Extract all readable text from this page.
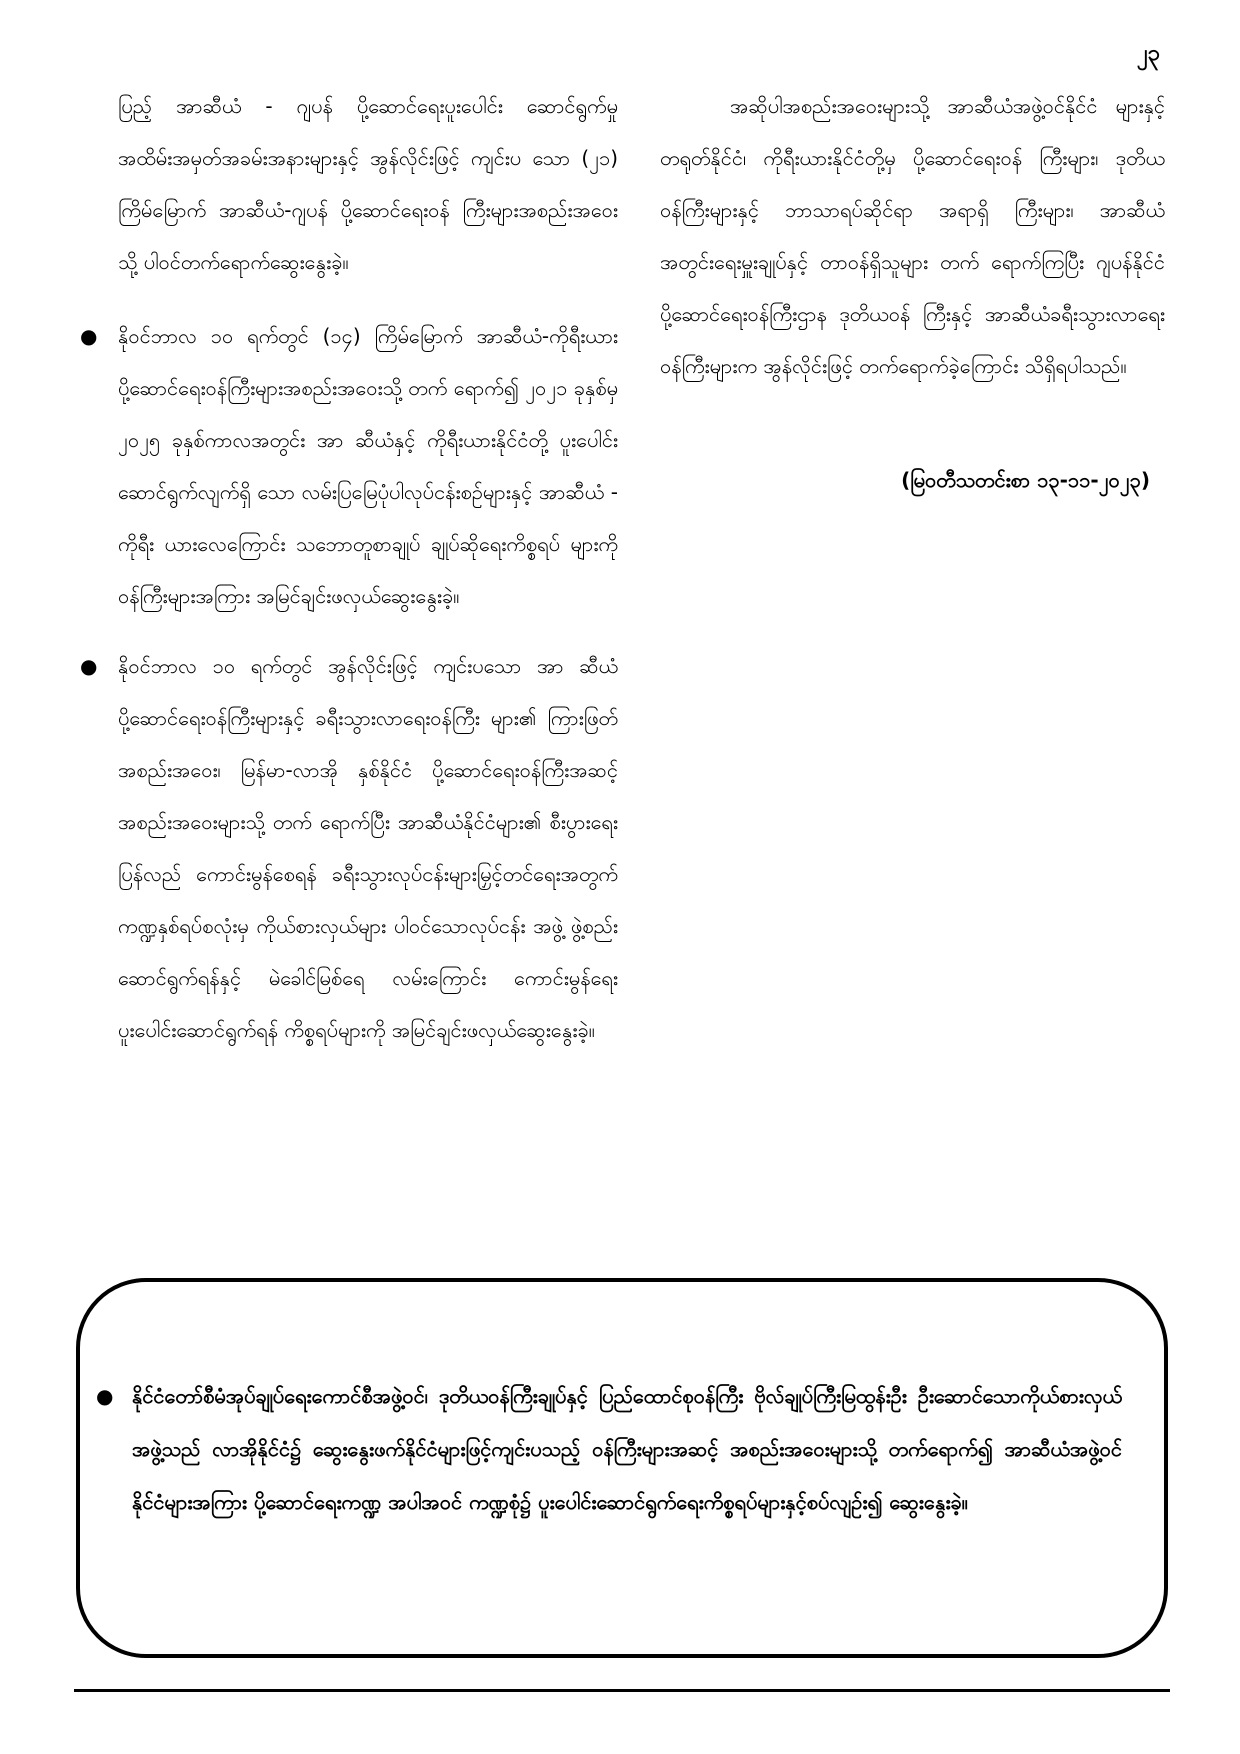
၂၃

ပြည့် အာဆီယံ - ဂျပန် ပို့ဆောင်ရေးပူးပေါင်း ဆောင်ရွက်မှု အထိမ်းအမှတ်အခမ်းအနားများနှင့် အွန်လိုင်းဖြင့် ကျင်းပ သော (၂၁) ကြိမ်မြောက် အာဆီယံ-ဂျပန် ပို့ဆောင်ရေးဝန် ကြီးများအစည်းအဝေးသို့ ပါဝင်တက်ရောက်ဆွေးနွေးခဲ့။

● နိုဝင်ဘာလ ၁၀ ရက်တွင် (၁၄) ကြိမ်မြောက် အာဆီယံ-ကိုရီးယား ပို့ဆောင်ရေးဝန်ကြီးများအစည်းအဝေးသို့ တက် ရောက်၍ ၂၀၂၁ ခုနှစ်မှ ၂၀၂၅ ခုနှစ်ကာလအတွင်း အာ ဆီယံနှင့် ကိုရီးယားနိုင်ငံတို့ ပူးပေါင်းဆောင်ရွက်လျက်ရှိ သော လမ်းပြမြေပုံပါလုပ်ငန်းစဉ်များနှင့် အာဆီယံ - ကိုရီး ယားလေကြောင်း သဘောတူစာချုပ် ချုပ်ဆိုရေးကိစ္စရပ် များကို ဝန်ကြီးများအကြား အမြင်ချင်းဖလှယ်ဆွေးနွေးခဲ့။

● နိုဝင်ဘာလ ၁၀ ရက်တွင် အွန်လိုင်းဖြင့် ကျင်းပသော အာ ဆီယံပို့ဆောင်ရေးဝန်ကြီးများနှင့် ခရီးသွားလာရေးဝန်ကြီး များ၏ ကြားဖြတ်အစည်းအဝေး၊ မြန်မာ-လာအို နှစ်နိုင်ငံ ပို့ဆောင်ရေးဝန်ကြီးအဆင့် အစည်းအဝေးများသို့ တက် ရောက်ပြီး အာဆီယံနိုင်ငံများ၏ စီးပွားရေးပြန်လည် ကောင်းမွန်စေရန် ခရီးသွားလုပ်ငန်းများမြှင့်တင်ရေးအတွက် ကဏ္ဍနှစ်ရပ်စလုံးမှ ကိုယ်စားလှယ်များ ပါဝင်သောလုပ်ငန်း အဖွဲ့ ဖွဲ့စည်းဆောင်ရွက်ရန်နှင့် မဲခေါင်မြစ်ရေ လမ်းကြောင်း ကောင်းမွန်ရေး ပူးပေါင်းဆောင်ရွက်ရန် ကိစ္စရပ်များကို အမြင်ချင်းဖလှယ်ဆွေးနွေးခဲ့။

အဆိုပါအစည်းအဝေးများသို့ အာဆီယံအဖွဲ့ဝင်နိုင်ငံ များနှင့် တရုတ်နိုင်ငံ၊ ကိုရီးယားနိုင်ငံတို့မှ ပို့ဆောင်ရေးဝန် ကြီးများ၊ ဒုတိယဝန်ကြီးများနှင့် ဘာသာရပ်ဆိုင်ရာ အရာရှိ ကြီးများ၊ အာဆီယံအတွင်းရေးမှူးချုပ်နှင့် တာဝန်ရှိသူများ တက် ရောက်ကြပြီး ဂျပန်နိုင်ငံ ပို့ဆောင်ရေးဝန်ကြီးဌာန ဒုတိယဝန် ကြီးနှင့် အာဆီယံခရီးသွားလာရေး ဝန်ကြီးများက အွန်လိုင်းဖြင့် တက်ရောက်ခဲ့ကြောင်း သိရှိရပါသည်။

(မြဝတီသတင်းစာ ၁၃-၁၁-၂၀၂၃)
● နိုင်ငံတော်စီမံအုပ်ချုပ်ရေးကောင်စီအဖွဲ့ဝင်၊ ဒုတိယဝန်ကြီးချုပ်နှင့် ပြည်ထောင်စုဝန်ကြီး ဗိုလ်ချုပ်ကြီးမြထွန်းဦး ဦးဆောင်သောကိုယ်စားလှယ်အဖွဲ့သည် လာအိုနိုင်ငံ၌ ဆွေးနွေးဖက်နိုင်ငံများဖြင့်ကျင်းပသည့် ဝန်ကြီးများအဆင့် အစည်းအဝေးများသို့ တက်ရောက်၍ အာဆီယံအဖွဲ့ဝင်နိုင်ငံများအကြား ပို့ဆောင်ရေးကဏ္ဍ အပါအဝင် ကဏ္ဍစုံ၌ ပူးပေါင်းဆောင်ရွက်ရေးကိစ္စရပ်များနှင့်စပ်လျဉ်း၍ ဆွေးနွေးခဲ့။
